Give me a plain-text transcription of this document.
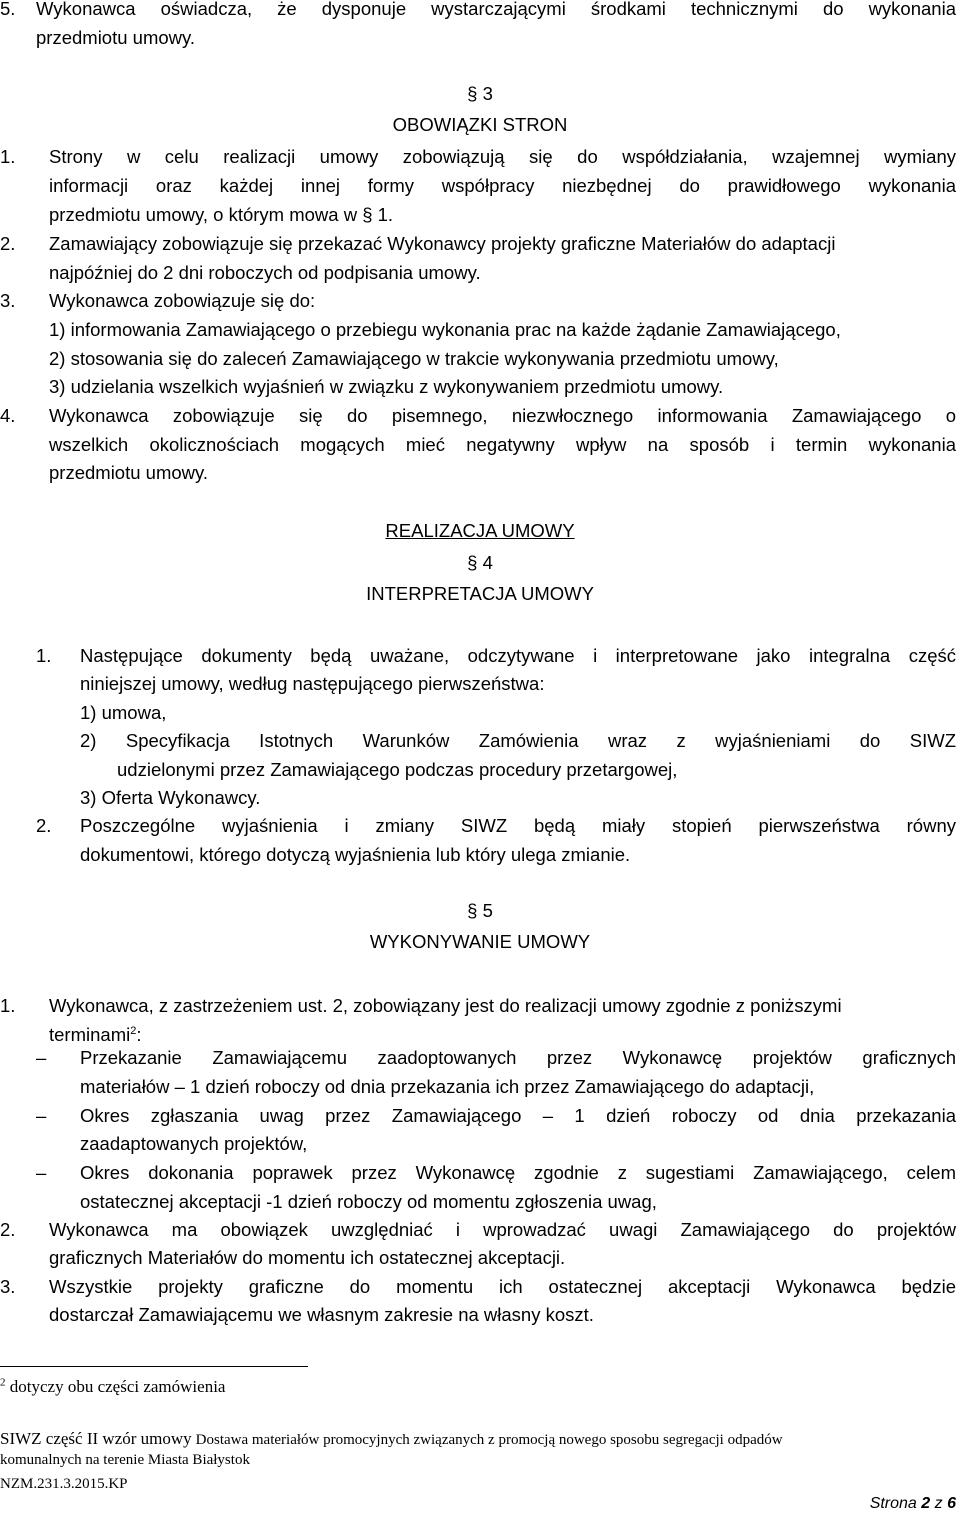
5. Wykonawca oświadcza, że dysponuje wystarczającymi środkami technicznymi do wykonania
przedmiotu umowy.
§ 3
OBOWIĄZKI STRON
1. Strony w celu realizacji umowy zobowiązują się do współdziałania, wzajemnej wymiany
informacji oraz każdej innej formy współpracy niezbędnej do prawidłowego wykonania
przedmiotu umowy, o którym mowa w § 1.
2. Zamawiający zobowiązuje się przekazać Wykonawcy projekty graficzne Materiałów do adaptacji
najpóźniej do 2 dni roboczych od podpisania umowy.
3. Wykonawca zobowiązuje się do:
1) informowania Zamawiającego o przebiegu wykonania prac na każde żądanie Zamawiającego,
2) stosowania się do zaleceń Zamawiającego w trakcie wykonywania przedmiotu umowy,
3) udzielania wszelkich wyjaśnień w związku z wykonywaniem przedmiotu umowy.
4. Wykonawca zobowiązuje się do pisemnego, niezwłocznego informowania Zamawiającego o
wszelkich okolicznościach mogących mieć negatywny wpływ na sposób i termin wykonania
przedmiotu umowy.
REALIZACJA UMOWY
§ 4
INTERPRETACJA UMOWY
1. Następujące dokumenty będą uważane, odczytywane i interpretowane jako integralna część
niniejszej umowy, według następującego pierwszeństwa:
1) umowa,
2) Specyfikacja Istotnych Warunków Zamówienia wraz z wyjaśnieniami do SIWZ
udzielonymi przez Zamawiającego podczas procedury przetargowej,
3) Oferta Wykonawcy.
2. Poszczególne wyjaśnienia i zmiany SIWZ będą miały stopień pierwszeństwa równy
dokumentowi, którego dotyczą wyjaśnienia lub który ulega zmianie.
§ 5
WYKONYWANIE UMOWY
1. Wykonawca, z zastrzeżeniem ust. 2, zobowiązany jest do realizacji umowy zgodnie z poniższymi
terminami$^2$:
– Przekazanie Zamawiającemu zaadoptowanych przez Wykonawcę projektów graficznych
materiałów – 1 dzień roboczy od dnia przekazania ich przez Zamawiającego do adaptacji,
– Okres zgłaszania uwag przez Zamawiającego – 1 dzień roboczy od dnia przekazania
zaadaptowanych projektów,
– Okres dokonania poprawek przez Wykonawcę zgodnie z sugestiami Zamawiającego, celem
ostatecznej akceptacji -1 dzień roboczy od momentu zgłoszenia uwag,
2. Wykonawca ma obowiązek uwzględniać i wprowadzać uwagi Zamawiającego do projektów
graficznych Materiałów do momentu ich ostatecznej akceptacji.
3. Wszystkie projekty graficzne do momentu ich ostatecznej akceptacji Wykonawca będzie
dostarczał Zamawiającemu we własnym zakresie na własny koszt.
$^2$ dotyczy obu części zamówienia
SIWZ część II wzór umowy Dostawa materiałów promocyjnych związanych z promocją nowego sposobu segregacji odpadów
komunalnych na terenie Miasta Białystok
NZM.231.3.2015.KP
Strona 2 z 6
